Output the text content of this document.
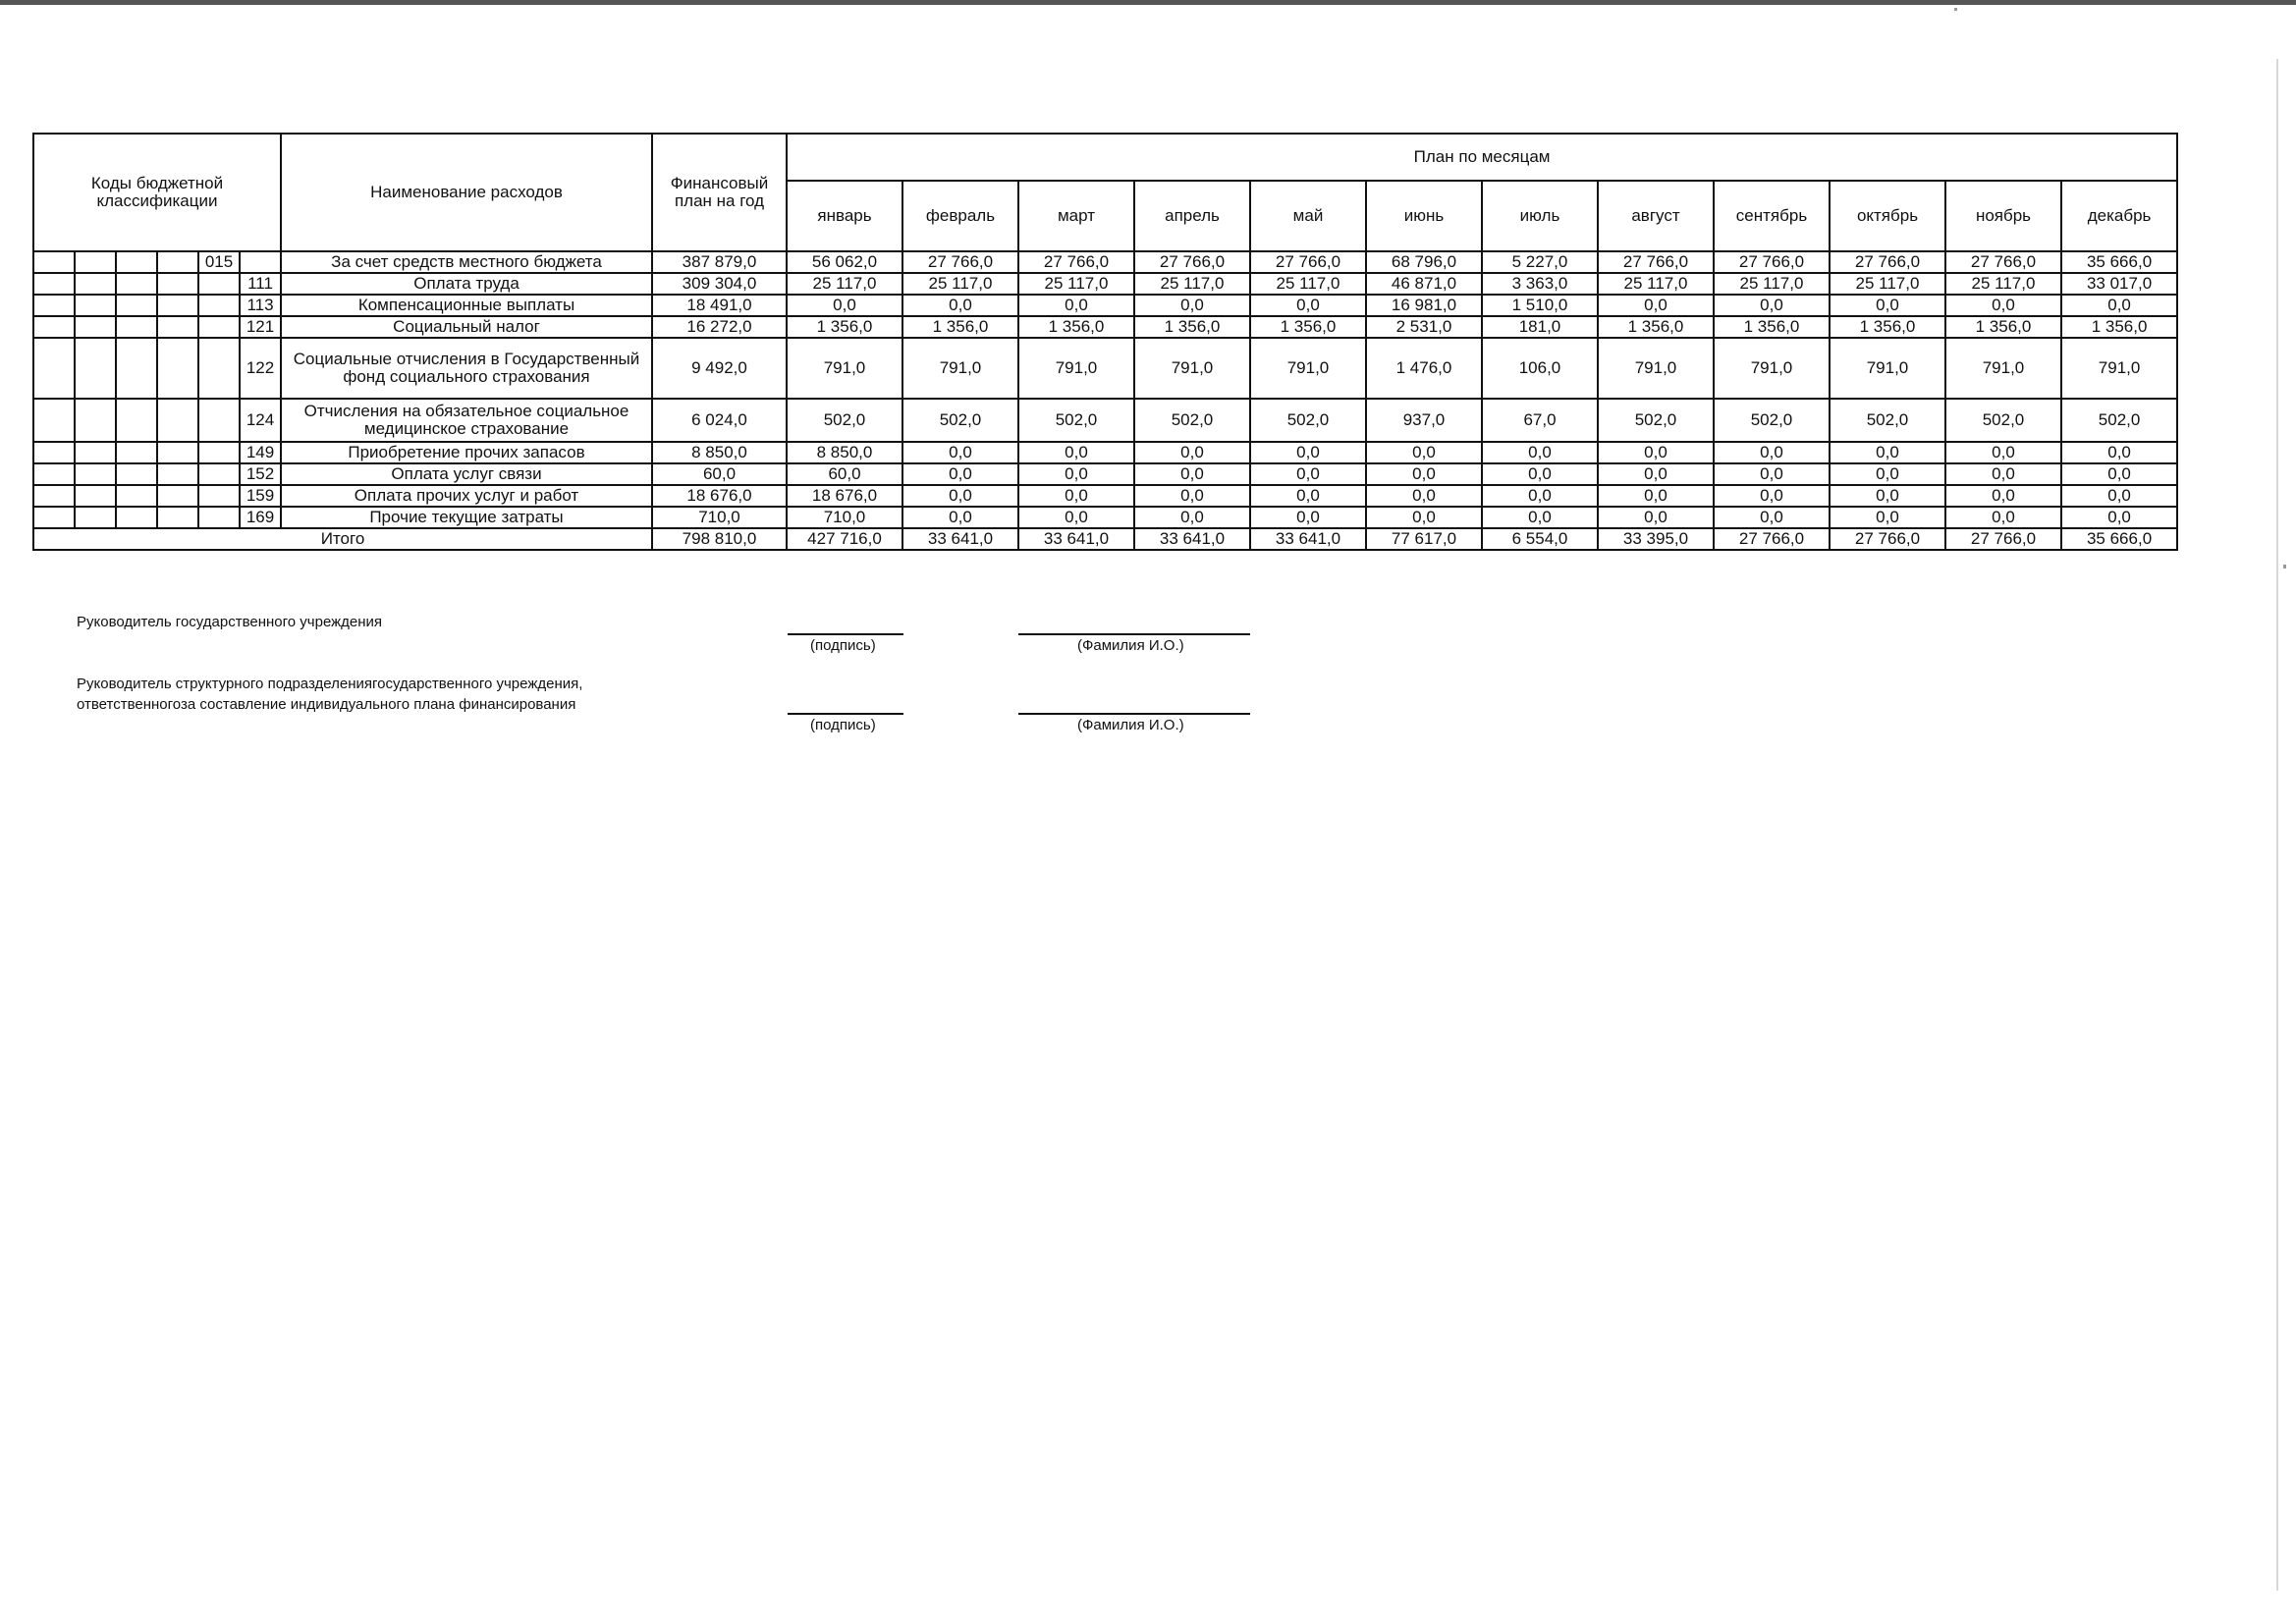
Коды бюджетной классификации						Наименование расходов	Финансовый план на год	План по месяцам											
								январь	февраль	март	апрель	май	июнь	июль	август	сентябрь	октябрь	ноябрь	декабрь
				015		За счет средств местного бюджета	387 879,0	56 062,0	27 766,0	27 766,0	27 766,0	27 766,0	68 796,0	5 227,0	27 766,0	27 766,0	27 766,0	27 766,0	35 666,0
					111	Оплата труда	309 304,0	25 117,0	25 117,0	25 117,0	25 117,0	25 117,0	46 871,0	3 363,0	25 117,0	25 117,0	25 117,0	25 117,0	33 017,0
					113	Компенсационные выплаты	18 491,0	0,0	0,0	0,0	0,0	0,0	16 981,0	1 510,0	0,0	0,0	0,0	0,0	0,0
					121	Социальный налог	16 272,0	1 356,0	1 356,0	1 356,0	1 356,0	1 356,0	2 531,0	181,0	1 356,0	1 356,0	1 356,0	1 356,0	1 356,0
					122	Социальные отчисления в Государственный фонд социального страхования	9 492,0	791,0	791,0	791,0	791,0	791,0	1 476,0	106,0	791,0	791,0	791,0	791,0	791,0
					124	Отчисления на обязательное социальное медицинское страхование	6 024,0	502,0	502,0	502,0	502,0	502,0	937,0	67,0	502,0	502,0	502,0	502,0	502,0
					149	Приобретение прочих запасов	8 850,0	8 850,0	0,0	0,0	0,0	0,0	0,0	0,0	0,0	0,0	0,0	0,0	0,0
					152	Оплата услуг связи	60,0	60,0	0,0	0,0	0,0	0,0	0,0	0,0	0,0	0,0	0,0	0,0	0,0
					159	Оплата прочих услуг и работ	18 676,0	18 676,0	0,0	0,0	0,0	0,0	0,0	0,0	0,0	0,0	0,0	0,0	0,0
					169	Прочие текущие затраты	710,0	710,0	0,0	0,0	0,0	0,0	0,0	0,0	0,0	0,0	0,0	0,0	0,0
Итого							798 810,0	427 716,0	33 641,0	33 641,0	33 641,0	33 641,0	77 617,0	6 554,0	33 395,0	27 766,0	27 766,0	27 766,0	35 666,0
Руководитель государственного учреждения
(подпись)	(Фамилия И.О.)
Руководитель структурного подразделениягосударственного учреждения,
ответственногоза составление индивидуального плана финансирования
(подпись)	(Фамилия И.О.)
